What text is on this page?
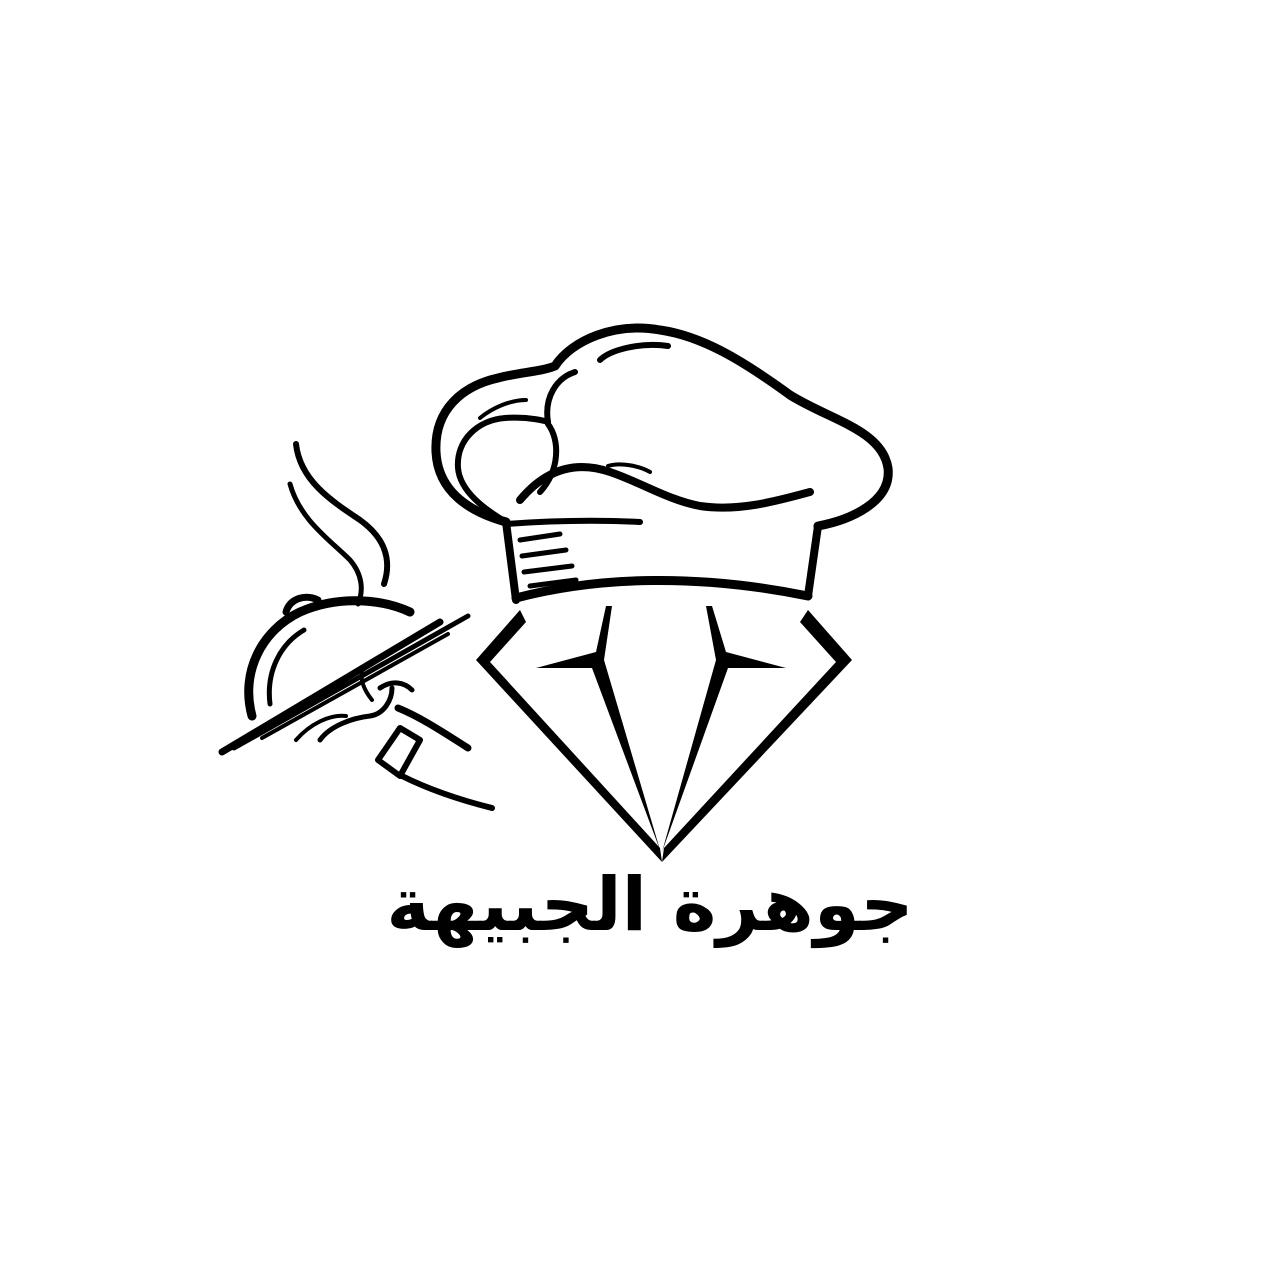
جوهرة الجبيهة
